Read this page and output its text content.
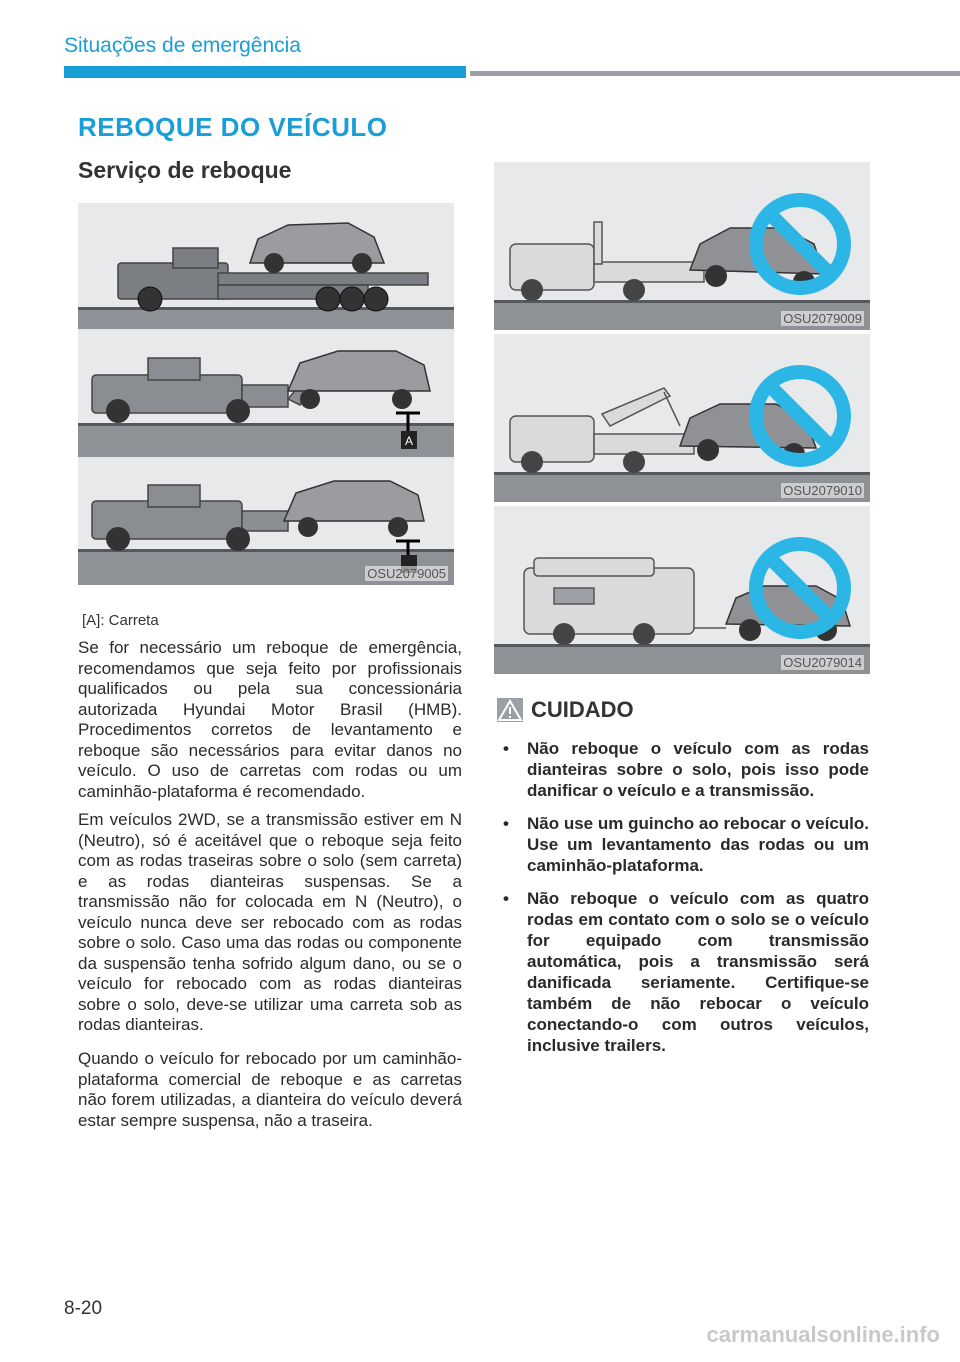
Situações de emergência
REBOQUE DO VEÍCULO
Serviço de reboque
A
OSU2079005
[A]: Carreta

Se for necessário um reboque de emergência, recomendamos que seja feito por profissionais qualificados ou pela sua concessionária autorizada Hyundai Motor Brasil (HMB). Procedimentos corretos de levantamento e reboque são necessários para evitar danos no veículo. O uso de carretas com rodas ou um caminhão-plataforma é recomendado.

Em veículos 2WD, se a transmissão estiver em N (Neutro), só é aceitável que o reboque seja feito com as rodas traseiras sobre o solo (sem carreta) e as rodas dianteiras suspensas. Se a transmissão não for colocada em N (Neutro), o veículo nunca deve ser rebocado com as rodas sobre o solo. Caso uma das rodas ou componente da suspensão tenha sofrido algum dano, ou se o veículo for rebocado com as rodas dianteiras sobre o solo, deve-se utilizar uma carreta sob as rodas dianteiras.

Quando o veículo for rebocado por um caminhão-plataforma comercial de reboque e as carretas não forem utilizadas, a dianteira do veículo deverá estar sempre suspensa, não a traseira.

OSU2079009
OSU2079010
OSU2079014
CUIDADO
• Não reboque o veículo com as rodas dianteiras sobre o solo, pois isso pode danificar o veículo e a transmissão.
• Não use um guincho ao rebocar o veículo. Use um levantamento das rodas ou um caminhão-plataforma.
• Não reboque o veículo com as quatro rodas em contato com o solo se o veículo for equipado com transmissão automática, pois a transmissão será danificada seriamente. Certifique-se também de não rebocar o veículo conectando-o com outros veículos, inclusive trailers.
8-20
carmanualsonline.info
